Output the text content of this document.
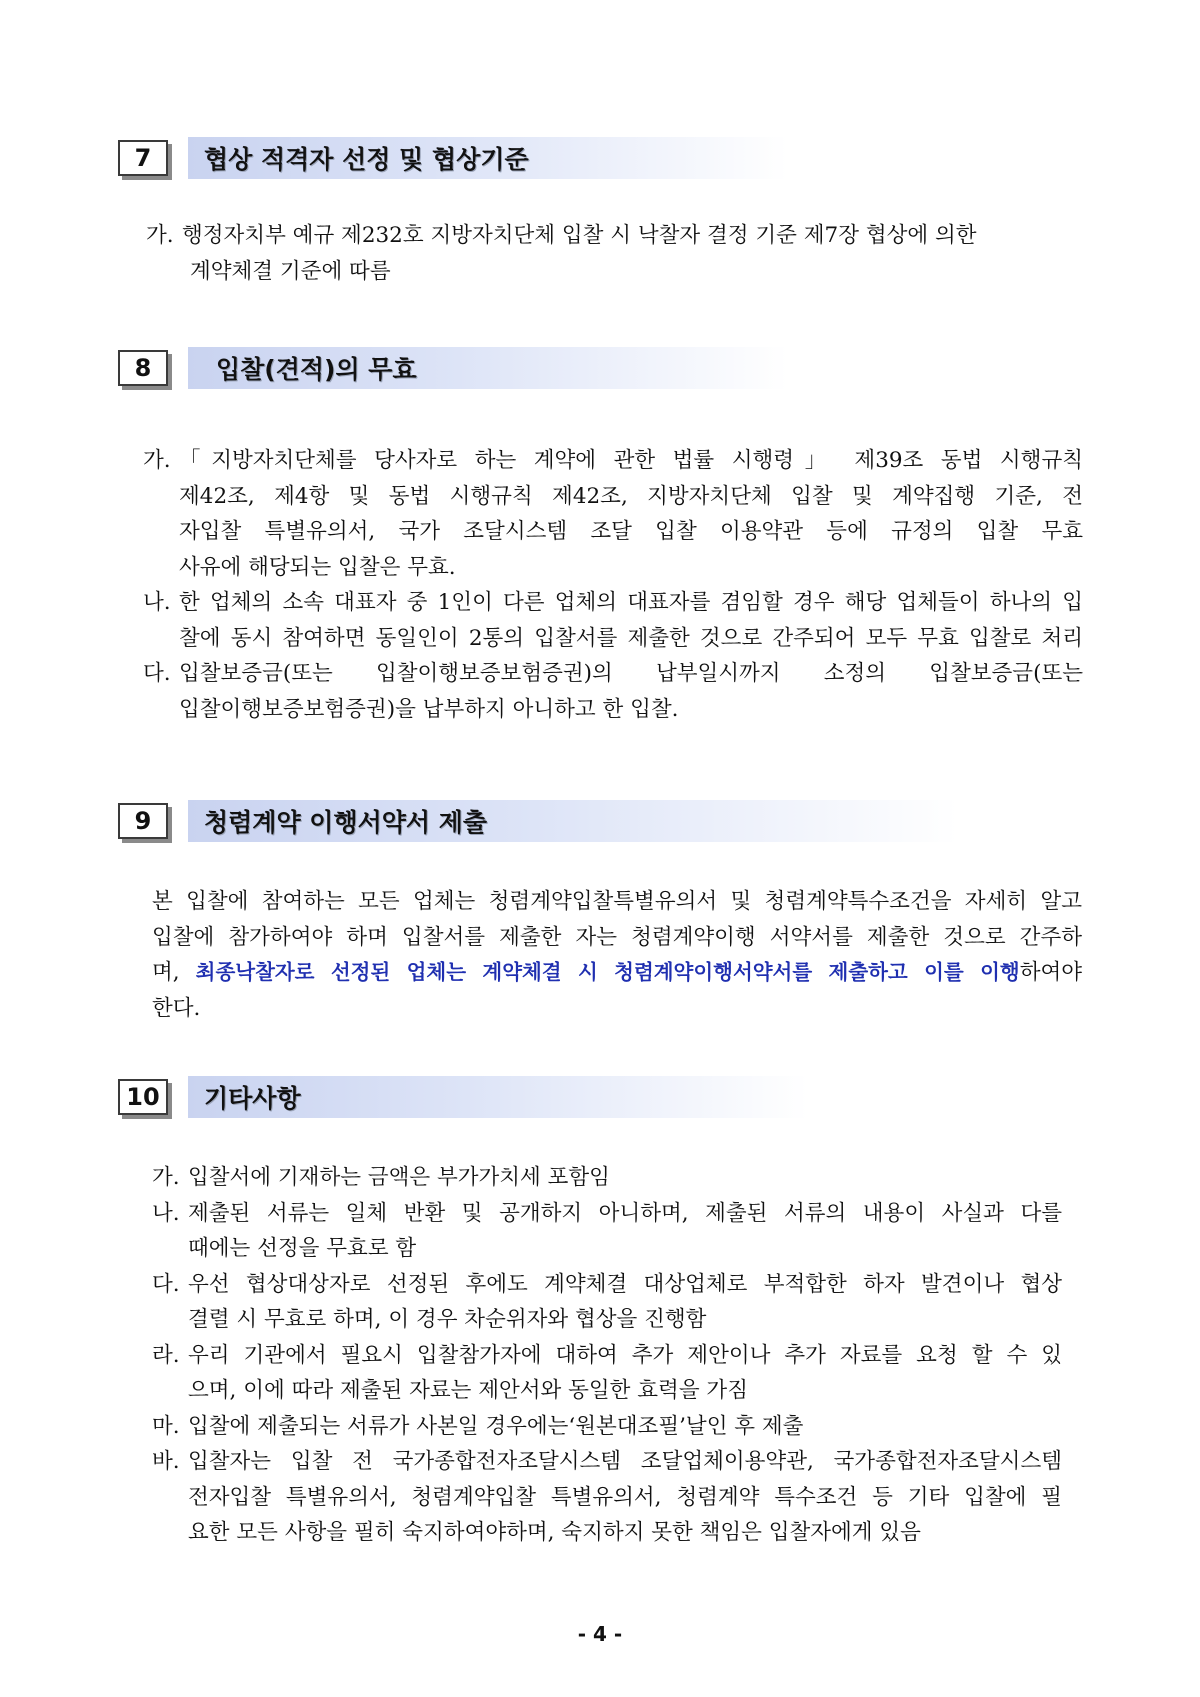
7	협상 적격자 선정 및 협상기준
가. 행정자치부 예규 제232호 지방자치단체 입찰 시 낙찰자 결정 기준 제7장 협상에 의한
계약체결 기준에 따름
8	입찰(견적)의 무효
가. 「지방자치단체를 당사자로 하는 계약에 관한 법률 시행령」 제39조 동법 시행규칙
제42조, 제4항 및 동법 시행규칙 제42조, 지방자치단체 입찰 및 계약집행 기준, 전
자입찰 특별유의서, 국가 조달시스템 조달 입찰 이용약관 등에 규정의 입찰 무효
사유에 해당되는 입찰은 무효.
나. 한 업체의 소속 대표자 중 1인이 다른 업체의 대표자를 겸임할 경우 해당 업체들이 하나의 입
찰에 동시 참여하면 동일인이 2통의 입찰서를 제출한 것으로 간주되어 모두 무효 입찰로 처리
다. 입찰보증금(또는 입찰이행보증보험증권)의 납부일시까지 소정의 입찰보증금(또는
입찰이행보증보험증권)을 납부하지 아니하고 한 입찰.
9	청렴계약 이행서약서 제출
본 입찰에 참여하는 모든 업체는 청렴계약입찰특별유의서 및 청렴계약특수조건을 자세히 알고
입찰에 참가하여야 하며 입찰서를 제출한 자는 청렴계약이행 서약서를 제출한 것으로 간주하
며, 최종낙찰자로 선정된 업체는 계약체결 시 청렴계약이행서약서를 제출하고 이를 이행하여야
한다.
10	기타사항
가. 입찰서에 기재하는 금액은 부가가치세 포함임
나. 제출된 서류는 일체 반환 및 공개하지 아니하며, 제출된 서류의 내용이 사실과 다를
때에는 선정을 무효로 함
다. 우선 협상대상자로 선정된 후에도 계약체결 대상업체로 부적합한 하자 발견이나 협상
결렬 시 무효로 하며, 이 경우 차순위자와 협상을 진행함
라. 우리 기관에서 필요시 입찰참가자에 대하여 추가 제안이나 추가 자료를 요청 할 수 있
으며, 이에 따라 제출된 자료는 제안서와 동일한 효력을 가짐
마. 입찰에 제출되는 서류가 사본일 경우에는‘원본대조필’날인 후 제출
바. 입찰자는 입찰 전 국가종합전자조달시스템 조달업체이용약관, 국가종합전자조달시스템
전자입찰 특별유의서, 청렴계약입찰 특별유의서, 청렴계약 특수조건 등 기타 입찰에 필
요한 모든 사항을 필히 숙지하여야하며, 숙지하지 못한 책임은 입찰자에게 있음
- 4 -
